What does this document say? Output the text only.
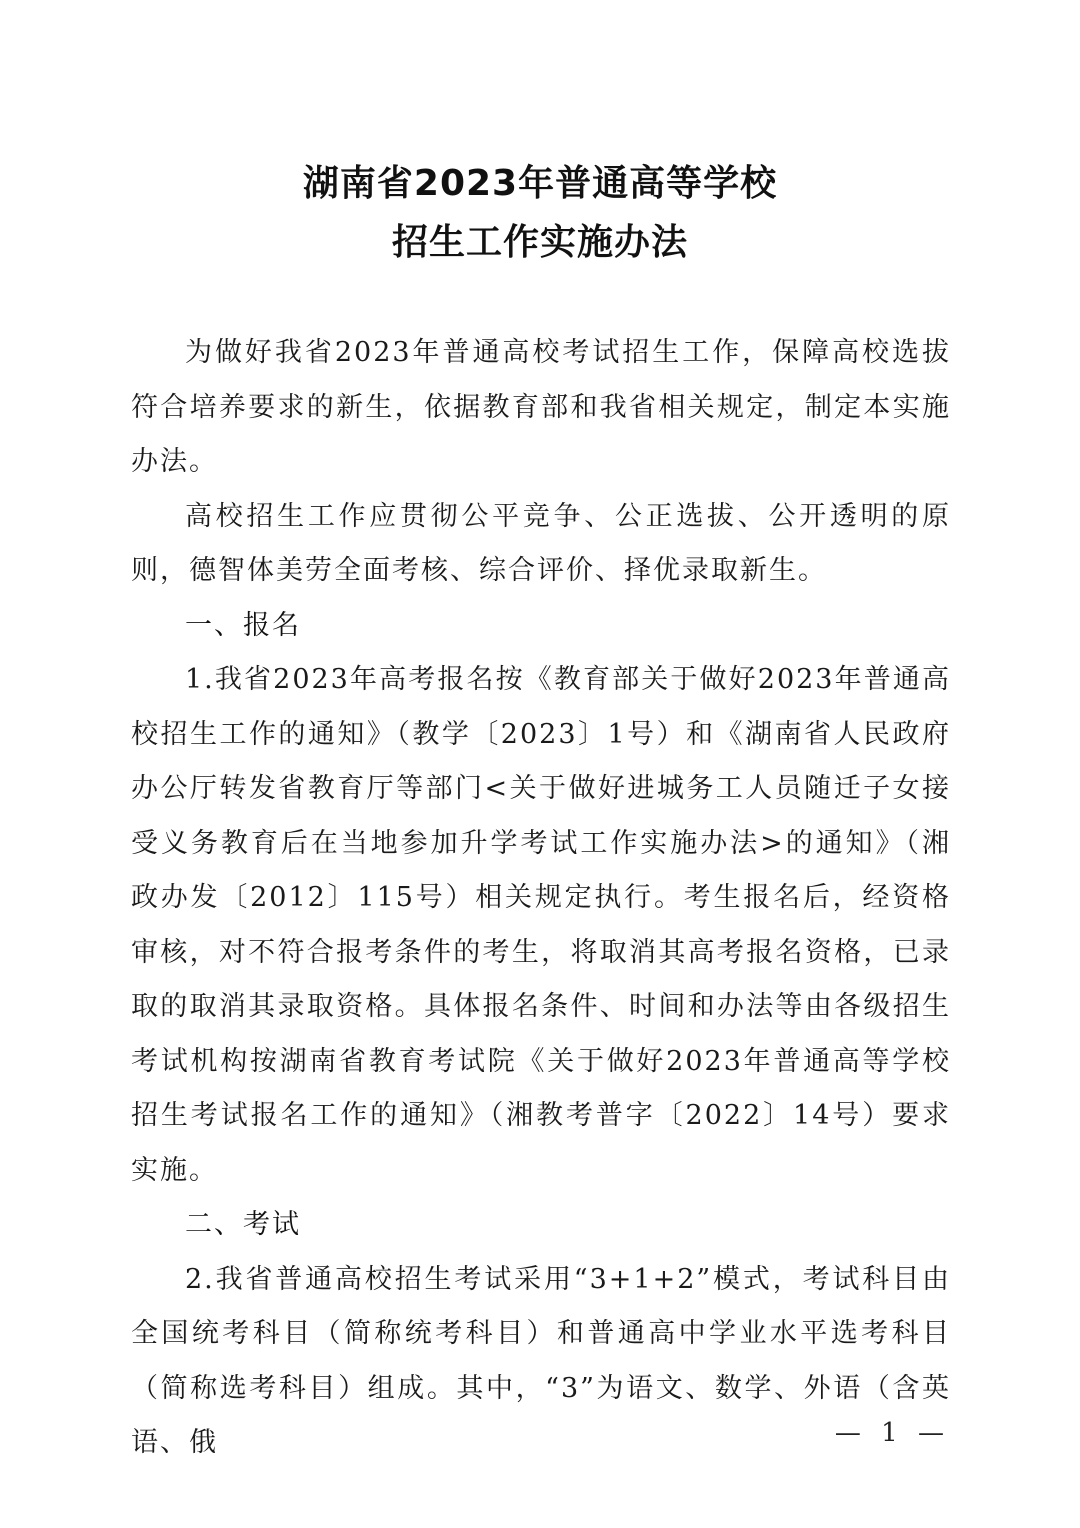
湖南省2023年普通高等学校
招生工作实施办法

为做好我省2023年普通高校考试招生工作，保障高校选拔符合培养要求的新生，依据教育部和我省相关规定，制定本实施办法。

高校招生工作应贯彻公平竞争、公正选拔、公开透明的原则，德智体美劳全面考核、综合评价、择优录取新生。

一、报名

1.我省2023年高考报名按《教育部关于做好2023年普通高校招生工作的通知》（教学〔2023〕1号）和《湖南省人民政府办公厅转发省教育厅等部门<关于做好进城务工人员随迁子女接受义务教育后在当地参加升学考试工作实施办法>的通知》（湘政办发〔2012〕115号）相关规定执行。考生报名后，经资格审核，对不符合报考条件的考生，将取消其高考报名资格，已录取的取消其录取资格。具体报名条件、时间和办法等由各级招生考试机构按湖南省教育考试院《关于做好2023年普通高等学校招生考试报名工作的通知》（湘教考普字〔2022〕14号）要求实施。

二、考试

2.我省普通高校招生考试采用“3+1+2”模式，考试科目由全国统考科目（简称统考科目）和普通高中学业水平选考科目（简称选考科目）组成。其中，“3”为语文、数学、外语（含英语、俄	— 1 —
